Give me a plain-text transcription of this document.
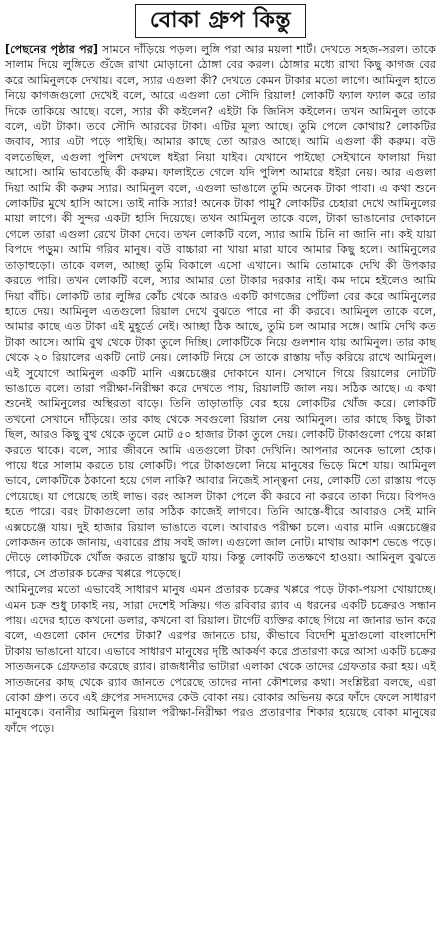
বোকা গ্রুপ কিন্তু

[পেছনের পৃষ্ঠার পর] সামনে দাঁড়িয়ে পড়ল। লুঙ্গি পরা আর ময়লা শার্ট। দেখতে সহজ-সরল। তাকে সালাম দিয়ে লুঙ্গিতে গুঁজে রাখা মোড়ানো ঠোঙ্গা বের করল। ঠোঙ্গার মধ্যে রাখা কিছু কাগজ বের করে আমিনুলকে দেখায়। বলে, স্যার এগুলা কী? দেখতে কেমন টাকার মতো লাগে। আমিনুল হাতে নিয়ে কাগজগুলো দেখেই বলে, আরে এগুলা তো সৌদি রিয়াল! লোকটি ফ্যাল ফ্যাল করে তার দিকে তাকিয়ে আছে। বলে, স্যার কী কইলেন? এইটা কি জিনিস কইলেন। তখন আমিনুল তাকে বলে, এটা টাকা। তবে সৌদি আরবের টাকা। এটির মূল্য আছে। তুমি পেলে কোথায়? লোকটির জবাব, স্যার এটা পড়ে পাইছি। আমার কাছে তো আরও আছে। আমি এগুলা কী করুম। বউ বলতেছিল, এগুলা পুলিশ দেখলে ধইরা নিয়া যাইব। যেখানে পাইছো সেইখানে ফালায়া দিয়া আসো। আমি ভাবতেছি কী করুম। ফালাইতে গেলে যদি পুলিশ আমারে ধইরা নেয়। আর এগুলা দিয়া আমি কী করুম স্যার। আমিনুল বলে, এগুলা ভাঙালে তুমি অনেক টাকা পাবা। এ কথা শুনে লোকটির মুখে হাসি আসে। তাই নাকি স্যার! অনেক টাকা পামু? লোকটির চেহারা দেখে আমিনুলের মায়া লাগে। কী সুন্দর একটা হাসি দিয়েছে। তখন আমিনুল তাকে বলে, টাকা ভাঙানোর দোকানে গেলে তারা এগুলা রেখে টাকা দেবে। তখন লোকটি বলে, স্যার আমি চিনি না জানি না। কই যায়া বিপদে পড়ুম। আমি গরিব মানুষ। বউ বাচ্চারা না খায়া মারা যাবে আমার কিছু হলে। আমিনুলের তাড়াহুড়ো। তাকে বলল, আচ্ছা তুমি বিকালে এসো এখানে। আমি তোমাকে দেখি কী উপকার করতে পারি। তখন লোকটি বলে, স্যার আমার তো টাকার দরকার নাই। কম দামে হইলেও আমি দিয়া বাঁচি। লোকটি তার লুঙ্গির কোঁচ থেকে আরও একটি কাগজের পোঁটলা বের করে আমিনুলের হাতে দেয়। আমিনুল এতগুলো রিয়াল দেখে বুঝতে পারে না কী করবে। আমিনুল তাকে বলে, আমার কাছে এত টাকা এই মুহূর্তে নেই। আচ্ছা ঠিক আছে, তুমি চল আমার সঙ্গে। আমি দেখি কত টাকা আসে। আমি বুথ থেকে টাকা তুলে দিচ্ছি। লোকটিকে নিয়ে গুলশান যায় আমিনুল। তার কাছ থেকে ২০ রিয়ালের একটি নোট নেয়। লোকটি নিয়ে সে তাকে রাস্তায় দাঁড় করিয়ে রাখে আমিনুল। এই সুযোগে আমিনুল একটি মানি এক্সচেঞ্জের দোকানে যান। সেখানে গিয়ে রিয়ালের নোটটি ভাঙাতে বলে। তারা পরীক্ষা-নিরীক্ষা করে দেখতে পায়, রিয়ালটি জাল নয়। সঠিক আছে। এ কথা শুনেই আমিনুলের অস্থিরতা বাড়ে। তিনি তাড়াতাড়ি বের হয়ে লোকটির খোঁজ করে। লোকটি তখনো সেখানে দাঁড়িয়ে। তার কাছ থেকে সবগুলো রিয়াল নেয় আমিনুল। তার কাছে কিছু টাকা ছিল, আরও কিছু বুথ থেকে তুলে মোট ৫০ হাজার টাকা তুলে দেয়। লোকটি টাকাগুলো পেয়ে কান্না করতে থাকে। বলে, স্যার জীবনে আমি এতগুলো টাকা দেখিনি। আপনার অনেক ভালো হোক। পায়ে ধরে সালাম করতে চায় লোকটি। পরে টাকাগুলো নিয়ে মানুষের ভিড়ে মিশে যায়। আমিনুল ভাবে, লোকটিকে ঠকানো হয়ে গেল নাকি? আবার নিজেই সান্ত্বনা নেয়, লোকটি তো রাস্তায় পড়ে পেয়েছে। যা পেয়েছে তাই লাভ। বরং আসল টাকা পেলে কী করবে না করবে তাকা দিয়ে। বিপদও হতে পারে। বরং টাকাগুলো তার সঠিক কাজেই লাগবে। তিনি আস্তে-ধীরে আবারও সেই মানি এক্সচেঞ্জে যায়। দুই হাজার রিয়াল ভাঙাতে বলে। আবারও পরীক্ষা চলে। এবার মানি এক্সচেঞ্জের লোকজন তাকে জানায়, এবারের প্রায় সবই জাল। এগুলো জাল নোট। মাথায় আকাশ ভেঙে পড়ে। দৌড়ে লোকটিকে খোঁজ করতে রাস্তায় ছুটে যায়। কিন্তু লোকটি ততক্ষণে হাওয়া। আমিনুল বুঝতে পারে, সে প্রতারক চক্রের খপ্পরে পড়েছে।

আমিনুলের মতো এভাবেই সাধারণ মানুষ এমন প্রতারক চক্রের খপ্পরে পড়ে টাকা-পয়সা খোয়াচ্ছে। এমন চক্র শুধু ঢাকাই নয়, সারা দেশেই সক্রিয়। গত রবিবার র‌্যাব এ ধরনের একটি চক্রেরও সন্ধান পায়। এদের হাতে কখনো ডলার, কখনো বা রিয়াল। টার্গেট ব্যক্তির কাছে গিয়ে না জানার ভান করে বলে, এগুলো কোন দেশের টাকা? এরপর জানতে চায়, কীভাবে বিদেশি মুদ্রাগুলো বাংলাদেশি টাকায় ভাঙানো যাবে। এভাবে সাধারণ মানুষের দৃষ্টি আকর্ষণ করে প্রতারণা করে আসা একটি চক্রের সাতজনকে গ্রেফতার করেছে র‌্যাব। রাজধানীর ভাটারা এলাকা থেকে তাদের গ্রেফতার করা হয়। এই সাতজনের কাছ থেকে র‌্যাব জানতে পেরেছে তাদের নানা কৌশলের কথা। সংশ্লিষ্টরা বলছে, এরা বোকা গ্রুপ। তবে এই গ্রুপের সদস্যদের কেউ বোকা নয়। বোকার অভিনয় করে ফাঁদে ফেলে সাধারণ মানুষকে। বনানীর আমিনুল রিয়াল পরীক্ষা-নিরীক্ষা পরও প্রতারণার শিকার হয়েছে বোকা মানুষের ফাঁদে পড়ে।
